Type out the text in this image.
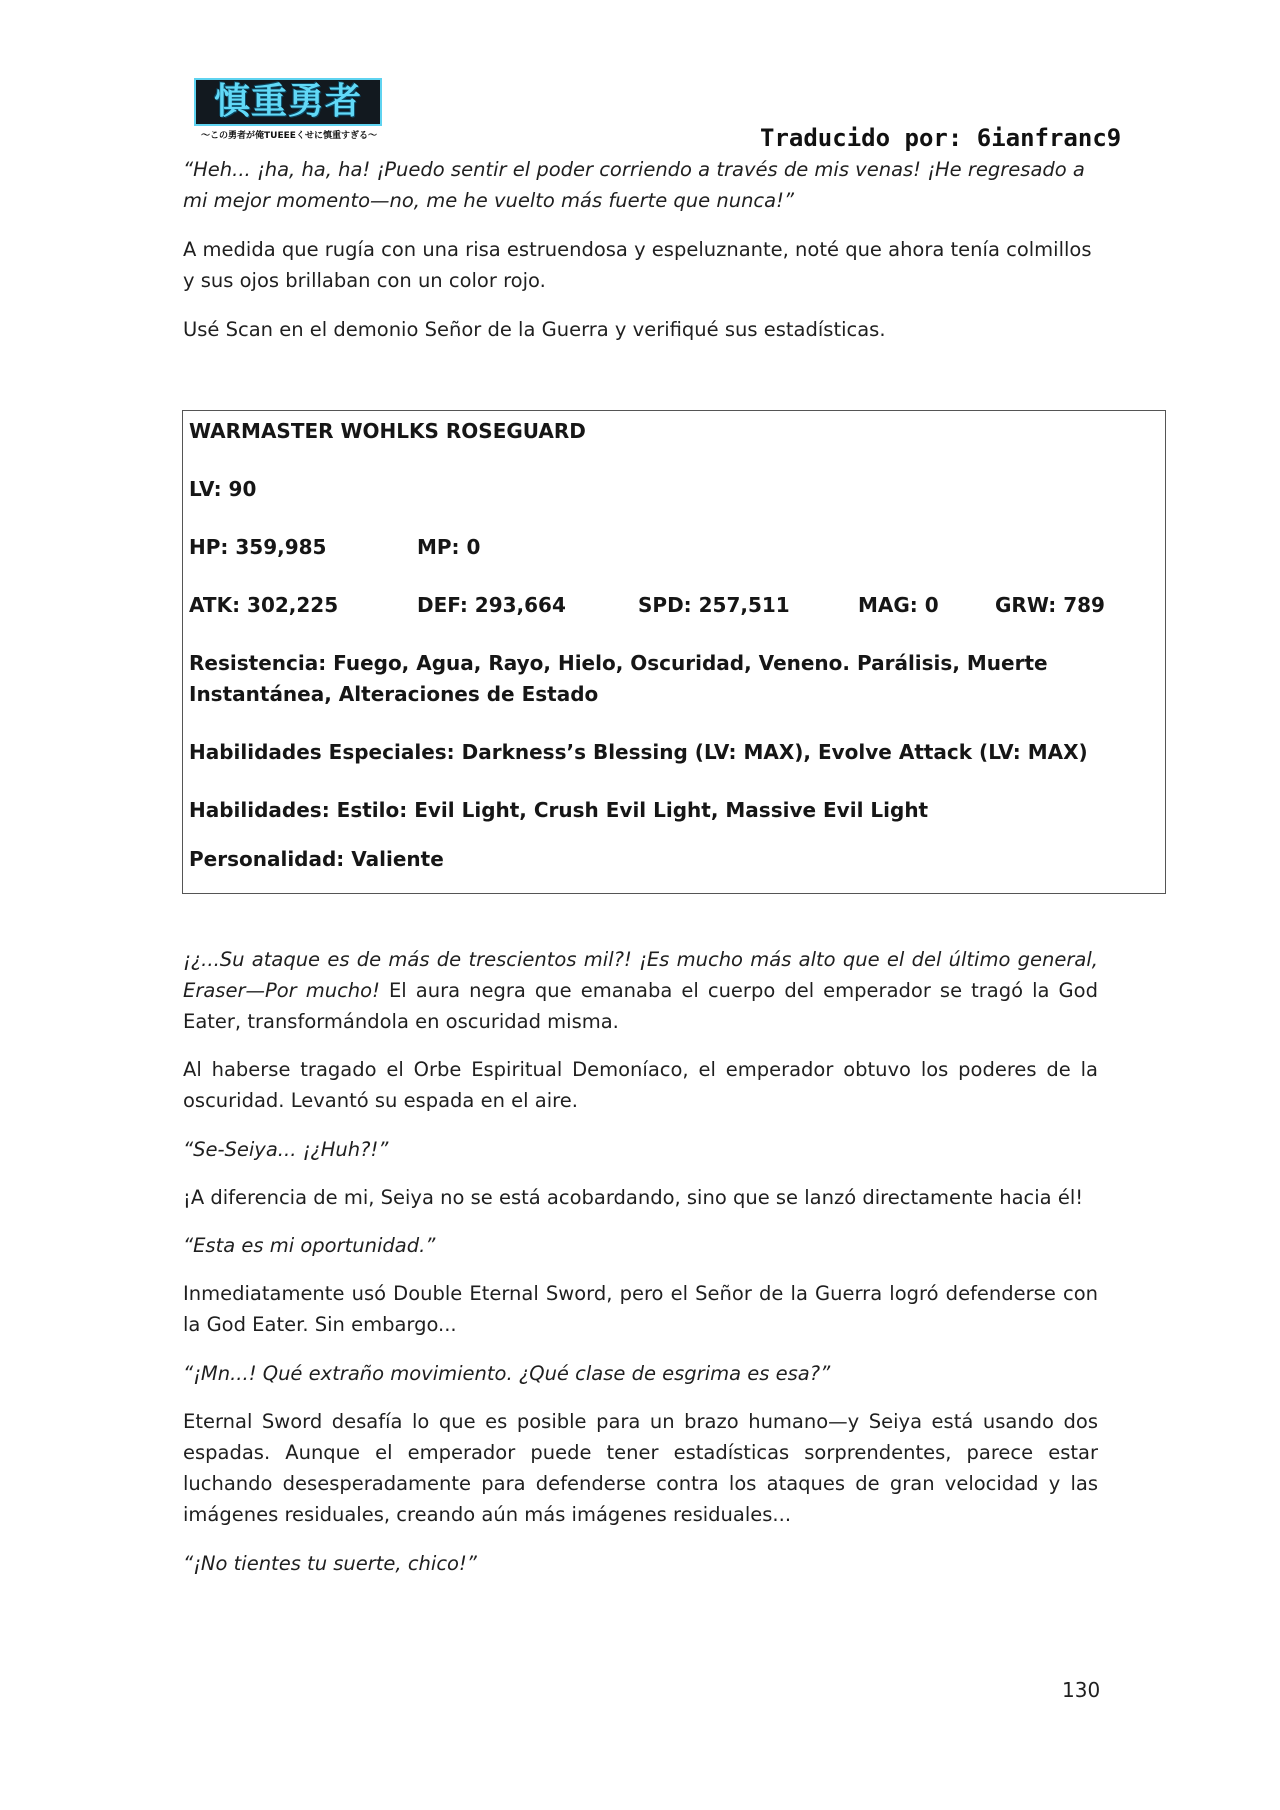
慎重勇者
〜この勇者が俺TUEEEくせに慎重すぎる〜	Traducido por: 6ianfranc9

“Heh... ¡ha, ha, ha! ¡Puedo sentir el poder corriendo a través de mis venas! ¡He regresado a mi mejor momento—no, me he vuelto más fuerte que nunca!”

A medida que rugía con una risa estruendosa y espeluznante, noté que ahora tenía colmillos y sus ojos brillaban con un color rojo.

Usé Scan en el demonio Señor de la Guerra y verifiqué sus estadísticas.

WARMASTER WOHLKS ROSEGUARD

LV: 90

HP: 359,985	MP: 0

ATK: 302,225	DEF: 293,664	SPD: 257,511	MAG: 0	GRW: 789

Resistencia: Fuego, Agua, Rayo, Hielo, Oscuridad, Veneno. Parálisis, Muerte Instantánea, Alteraciones de Estado

Habilidades Especiales: Darkness’s Blessing (LV: MAX), Evolve Attack (LV: MAX)

Habilidades: Estilo: Evil Light, Crush Evil Light, Massive Evil Light

Personalidad: Valiente

¡¿...Su ataque es de más de trescientos mil?! ¡Es mucho más alto que el del último general, Eraser—Por mucho! El aura negra que emanaba el cuerpo del emperador se tragó la God Eater, transformándola en oscuridad misma.

Al haberse tragado el Orbe Espiritual Demoníaco, el emperador obtuvo los poderes de la oscuridad. Levantó su espada en el aire.

“Se-Seiya... ¡¿Huh?!”

¡A diferencia de mi, Seiya no se está acobardando, sino que se lanzó directamente hacia él!

“Esta es mi oportunidad.”

Inmediatamente usó Double Eternal Sword, pero el Señor de la Guerra logró defenderse con la God Eater. Sin embargo...

“¡Mn...! Qué extraño movimiento. ¿Qué clase de esgrima es esa?”

Eternal Sword desafía lo que es posible para un brazo humano—y Seiya está usando dos espadas. Aunque el emperador puede tener estadísticas sorprendentes, parece estar luchando desesperadamente para defenderse contra los ataques de gran velocidad y las imágenes residuales, creando aún más imágenes residuales...

“¡No tientes tu suerte, chico!”

130
